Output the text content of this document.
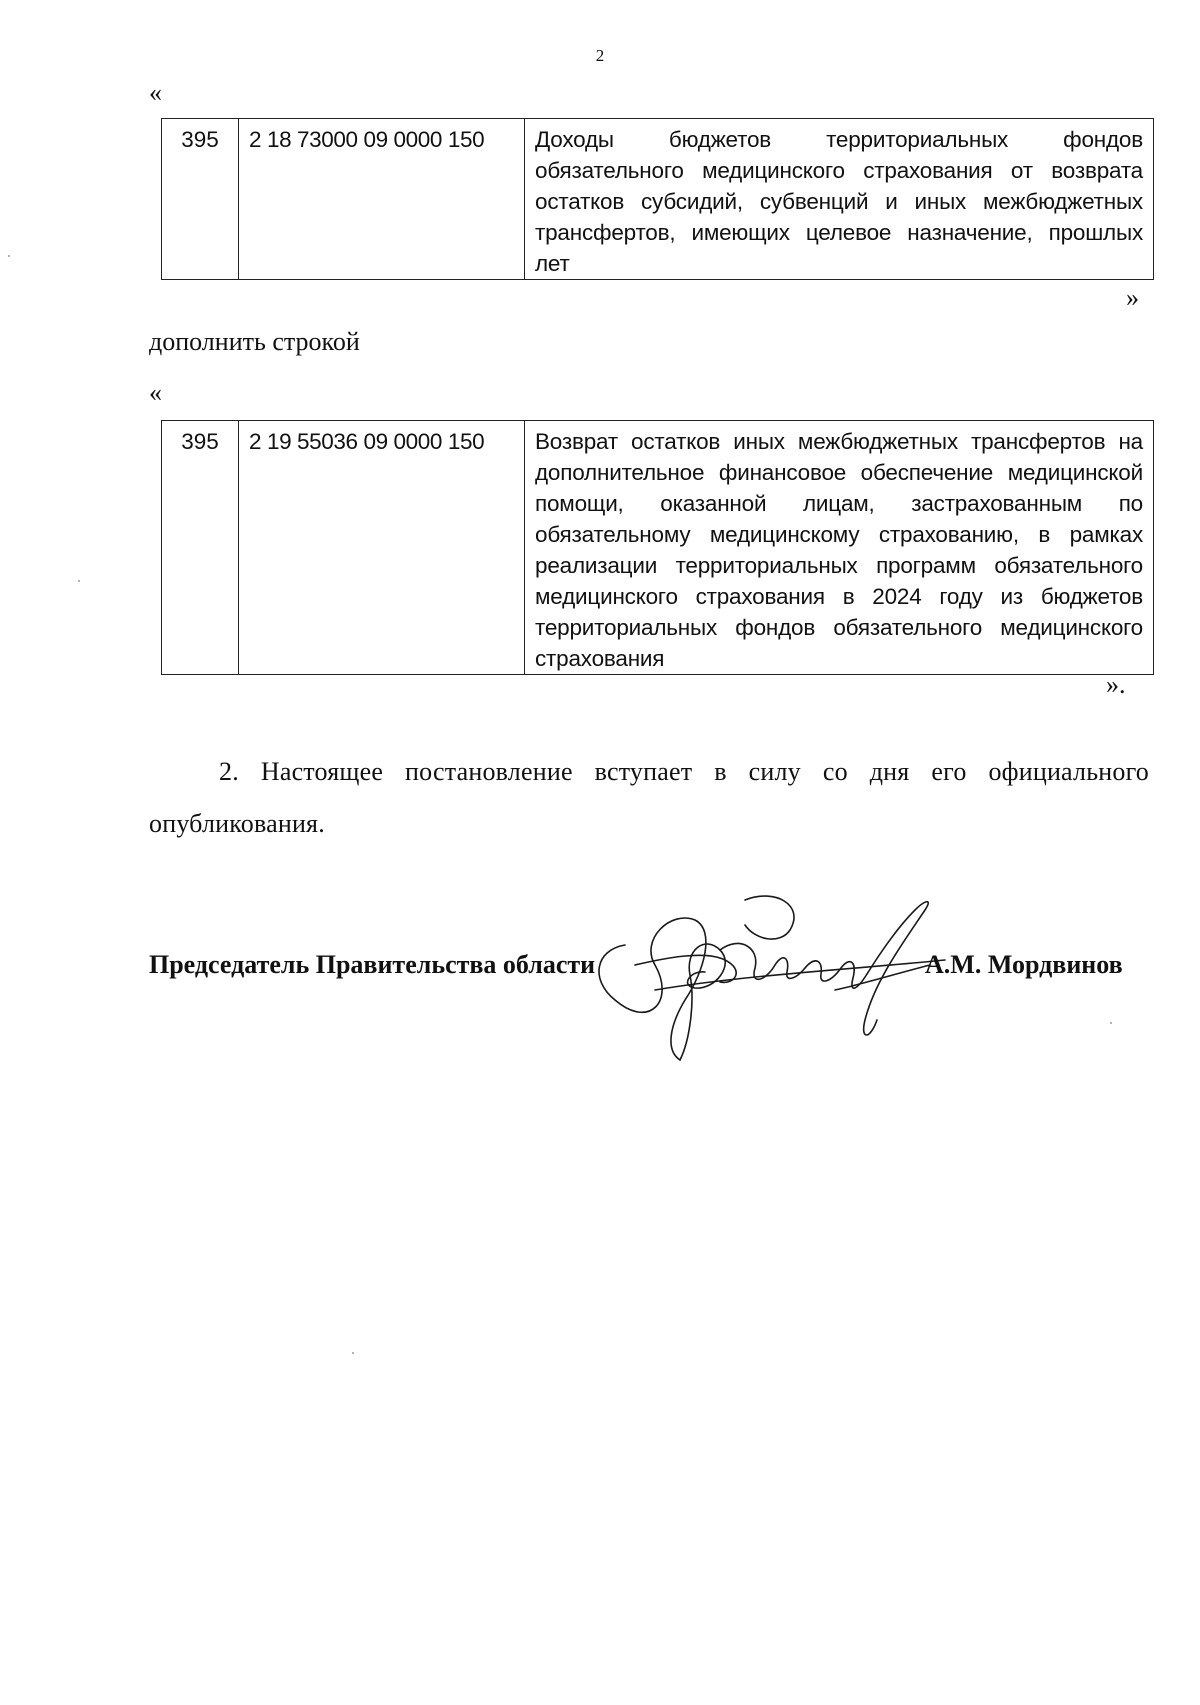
2
«
395	2 18 73000 09 0000 150	Доходы бюджетов территориальных фондов обязательного медицинского страхования от возврата остатков субсидий, субвенций и иных межбюджетных трансфертов, имеющих целевое назначение, прошлых лет
»
дополнить строкой
«
395	2 19 55036 09 0000 150	Возврат остатков иных межбюджетных трансфертов на дополнительное финансовое обеспечение медицинской помощи, оказанной лицам, застрахованным по обязательному медицинскому страхованию, в рамках реализации территориальных программ обязательного медицинского страхования в 2024 году из бюджетов территориальных фондов обязательного медицинского страхования
».
2. Настоящее постановление вступает в силу со дня его официального опубликования.
Председатель Правительства области	А.М. Мордвинов
